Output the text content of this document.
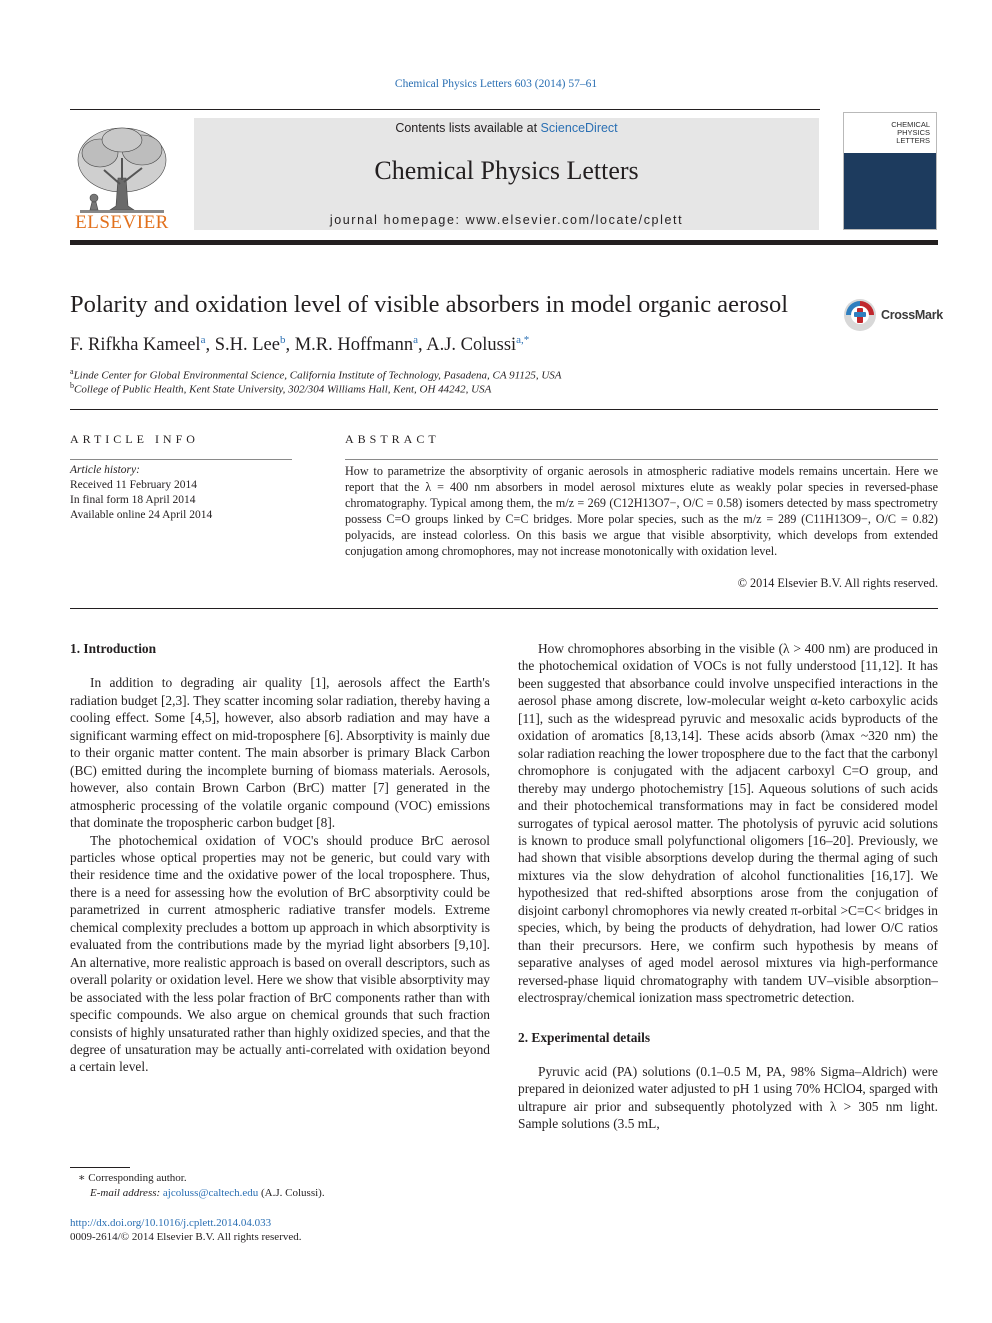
Chemical Physics Letters 603 (2014) 57–61
ELSEVIER
Contents lists available at ScienceDirect
Chemical Physics Letters
journal homepage: www.elsevier.com/locate/cplett
CHEMICAL
PHYSICS
LETTERS
Polarity and oxidation level of visible absorbers in model organic aerosol	CrossMark
F. Rifkha Kameel$^a$, S.H. Lee$^b$, M.R. Hoffmann$^a$, A.J. Colussi$^{a,*}$
$^a$Linde Center for Global Environmental Science, California Institute of Technology, Pasadena, CA 91125, USA
$^b$College of Public Health, Kent State University, 302/304 Williams Hall, Kent, OH 44242, USA
ARTICLE INFO
Article history:
Received 11 February 2014
In final form 18 April 2014
Available online 24 April 2014
ABSTRACT
How to parametrize the absorptivity of organic aerosols in atmospheric radiative models remains uncertain. Here we report that the λ = 400 nm absorbers in model aerosol mixtures elute as weakly polar species in reversed-phase chromatography. Typical among them, the m/z = 269 (C12H13O7−, O/C = 0.58) isomers detected by mass spectrometry possess C=O groups linked by C=C bridges. More polar species, such as the m/z = 289 (C11H13O9−, O/C = 0.82) polyacids, are instead colorless. On this basis we argue that visible absorptivity, which develops from extended conjugation among chromophores, may not increase monotonically with oxidation level.
© 2014 Elsevier B.V. All rights reserved.
1. Introduction

In addition to degrading air quality [1], aerosols affect the Earth's radiation budget [2,3]. They scatter incoming solar radiation, thereby having a cooling effect. Some [4,5], however, also absorb radiation and may have a significant warming effect on mid-troposphere [6]. Absorptivity is mainly due to their organic matter content. The main absorber is primary Black Carbon (BC) emitted during the incomplete burning of biomass materials. Aerosols, however, also contain Brown Carbon (BrC) matter [7] generated in the atmospheric processing of the volatile organic compound (VOC) emissions that dominate the tropospheric carbon budget [8].

The photochemical oxidation of VOC's should produce BrC aerosol particles whose optical properties may not be generic, but could vary with their residence time and the oxidative power of the local troposphere. Thus, there is a need for assessing how the evolution of BrC absorptivity could be parametrized in current atmospheric radiative transfer models. Extreme chemical complexity precludes a bottom up approach in which absorptivity is evaluated from the contributions made by the myriad light absorbers [9,10]. An alternative, more realistic approach is based on overall descriptors, such as overall polarity or oxidation level. Here we show that visible absorptivity may be associated with the less polar fraction of BrC components rather than with specific compounds. We also argue on chemical grounds that such fraction consists of highly unsaturated rather than highly oxidized species, and that the degree of unsaturation may be actually anti-correlated with oxidation beyond a certain level.

How chromophores absorbing in the visible (λ > 400 nm) are produced in the photochemical oxidation of VOCs is not fully understood [11,12]. It has been suggested that absorbance could involve unspecified interactions in the aerosol phase among discrete, low-molecular weight α-keto carboxylic acids [11], such as the widespread pyruvic and mesoxalic acids byproducts of the oxidation of aromatics [8,13,14]. These acids absorb (λmax ~320 nm) the solar radiation reaching the lower troposphere due to the fact that the carbonyl chromophore is conjugated with the adjacent carboxyl C=O group, and thereby may undergo photochemistry [15]. Aqueous solutions of such acids and their photochemical transformations may in fact be considered model surrogates of typical aerosol matter. The photolysis of pyruvic acid solutions is known to produce small polyfunctional oligomers [16–20]. Previously, we had shown that visible absorptions develop during the thermal aging of such mixtures via the slow dehydration of alcohol functionalities [16,17]. We hypothesized that red-shifted absorptions arose from the conjugation of disjoint carbonyl chromophores via newly created π-orbital >C=C< bridges in species, which, by being the products of dehydration, had lower O/C ratios than their precursors. Here, we confirm such hypothesis by means of separative analyses of aged model aerosol mixtures via high-performance reversed-phase liquid chromatography with tandem UV–visible absorption–electrospray/chemical ionization mass spectrometric detection.

2. Experimental details

Pyruvic acid (PA) solutions (0.1–0.5 M, PA, 98% Sigma–Aldrich) were prepared in deionized water adjusted to pH 1 using 70% HClO4, sparged with ultrapure air prior and subsequently photolyzed with λ > 305 nm light. Sample solutions (3.5 mL,

∗ Corresponding author.
E-mail address: ajcoluss@caltech.edu (A.J. Colussi).
http://dx.doi.org/10.1016/j.cplett.2014.04.033
0009-2614/© 2014 Elsevier B.V. All rights reserved.
